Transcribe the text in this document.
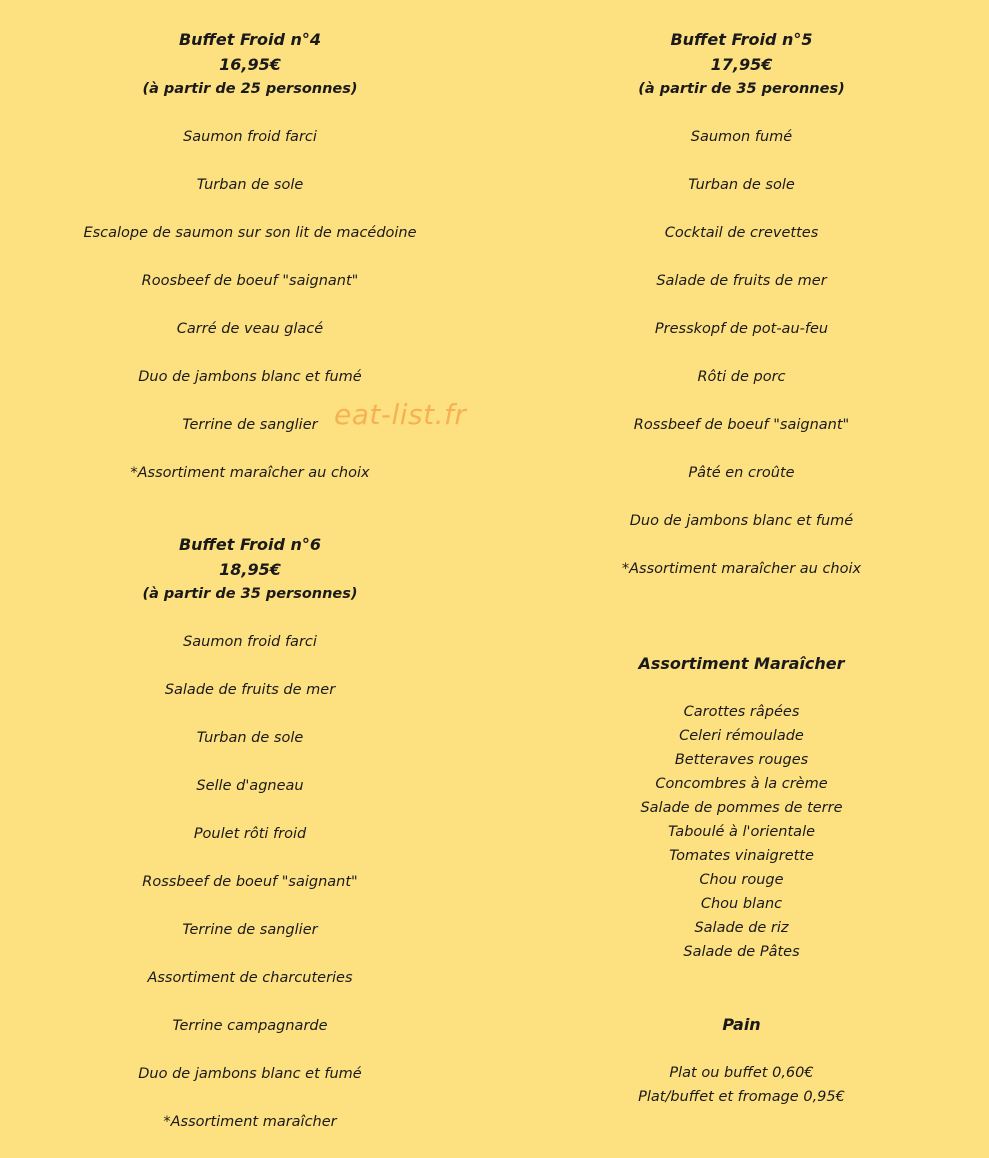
Buffet Froid n°4

16,95€

(à partir de 25 personnes)

Saumon froid farci
Turban de sole
Escalope de saumon sur son lit de macédoine
Roosbeef de boeuf "saignant"
Carré de veau glacé
Duo de jambons blanc et fumé
Terrine de sanglier
*Assortiment maraîcher au choix

Buffet Froid n°6

18,95€

(à partir de 35 personnes)

Saumon froid farci
Salade de fruits de mer
Turban de sole
Selle d'agneau
Poulet rôti froid
Rossbeef de boeuf "saignant"
Terrine de sanglier
Assortiment de charcuteries
Terrine campagnarde
Duo de jambons blanc et fumé
*Assortiment maraîcher

Buffet Froid n°5

17,95€

(à partir de 35 peronnes)

Saumon fumé
Turban de sole
Cocktail de crevettes
Salade de fruits de mer
Presskopf de pot-au-feu
Rôti de porc
Rossbeef de boeuf "saignant"
Pâté en croûte
Duo de jambons blanc et fumé
*Assortiment maraîcher au choix

Assortiment Maraîcher

Carottes râpées
Celeri rémoulade
Betteraves rouges
Concombres à la crème
Salade de pommes de terre
Taboulé à l'orientale
Tomates vinaigrette
Chou rouge
Chou blanc
Salade de riz
Salade de Pâtes

Pain

Plat ou buffet 0,60€
Plat/buffet et fromage 0,95€
eat-list.fr
